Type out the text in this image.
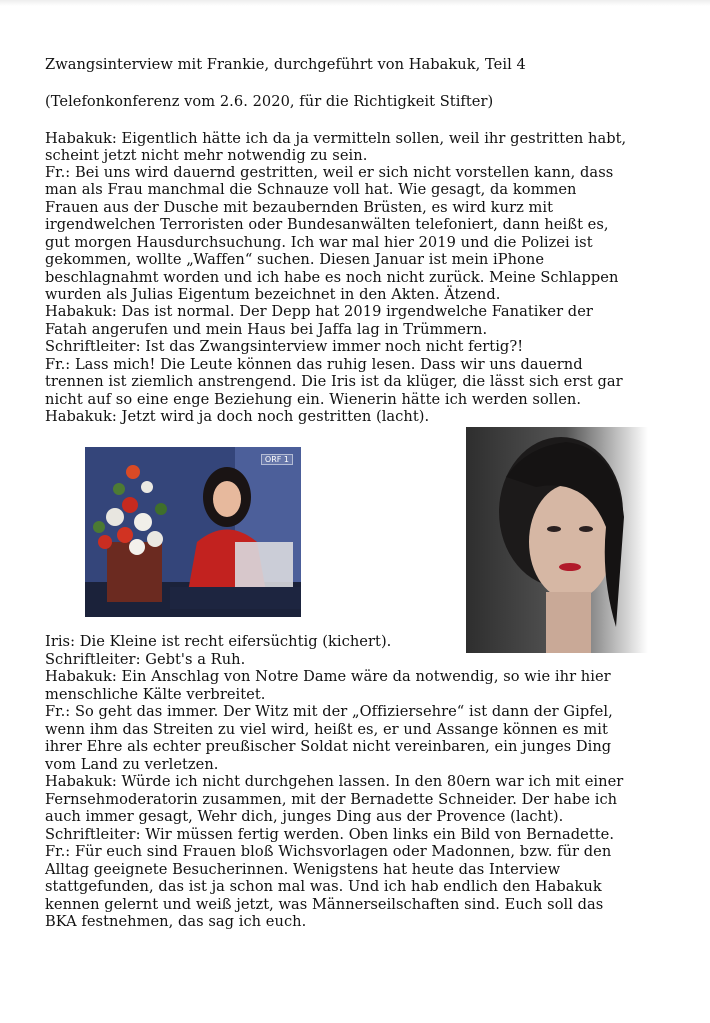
Zwangsinterview mit Frankie, durchgeführt von Habakuk, Teil 4
(Telefonkonferenz vom 2.6. 2020, für die Richtigkeit Stifter)
Habakuk: Eigentlich hätte ich da ja vermitteln sollen, weil ihr gestritten habt,
scheint jetzt nicht mehr notwendig zu sein.
Fr.: Bei uns wird dauernd gestritten, weil er sich nicht vorstellen kann, dass
man als Frau manchmal die Schnauze voll hat. Wie gesagt, da kommen
Frauen aus der Dusche mit bezaubernden Brüsten, es wird kurz mit
irgendwelchen Terroristen oder Bundesanwälten telefoniert, dann heißt es,
gut morgen Hausdurchsuchung. Ich war mal hier 2019 und die Polizei ist
gekommen, wollte „Waffen“ suchen. Diesen Januar ist mein iPhone
beschlagnahmt worden und ich habe es noch nicht zurück. Meine Schlappen
wurden als Julias Eigentum bezeichnet in den Akten. Ätzend.
Habakuk: Das ist normal. Der Depp hat 2019 irgendwelche Fanatiker der
Fatah angerufen und mein Haus bei Jaffa lag in Trümmern.
Schriftleiter: Ist das Zwangsinterview immer noch nicht fertig?!
Fr.: Lass mich! Die Leute können das ruhig lesen. Dass wir uns dauernd
trennen ist ziemlich anstrengend. Die Iris ist da klüger, die lässt sich erst gar
nicht auf so eine enge Beziehung ein. Wienerin hätte ich werden sollen.
Habakuk: Jetzt wird ja doch noch gestritten (lacht).
ORF 1
Iris: Die Kleine ist recht eifersüchtig (kichert).
Schriftleiter: Gebt's a Ruh.
Habakuk: Ein Anschlag von Notre Dame wäre da notwendig, so wie ihr hier
menschliche Kälte verbreitet.
Fr.: So geht das immer. Der Witz mit der „Offiziersehre“ ist dann der Gipfel,
wenn ihm das Streiten zu viel wird, heißt es, er und Assange können es mit
ihrer Ehre als echter preußischer Soldat nicht vereinbaren, ein junges Ding
vom Land zu verletzen.
Habakuk: Würde ich nicht durchgehen lassen. In den 80ern war ich mit einer
Fernsehmoderatorin zusammen, mit der Bernadette Schneider. Der habe ich
auch immer gesagt, Wehr dich, junges Ding aus der Provence (lacht).
Schriftleiter: Wir müssen fertig werden. Oben links ein Bild von Bernadette.
Fr.: Für euch sind Frauen bloß Wichsvorlagen oder Madonnen, bzw. für den
Alltag geeignete Besucherinnen. Wenigstens hat heute das Interview
stattgefunden, das ist ja schon mal was. Und ich hab endlich den Habakuk
kennen gelernt und weiß jetzt, was Männerseilschaften sind. Euch soll das
BKA festnehmen, das sag ich euch.
